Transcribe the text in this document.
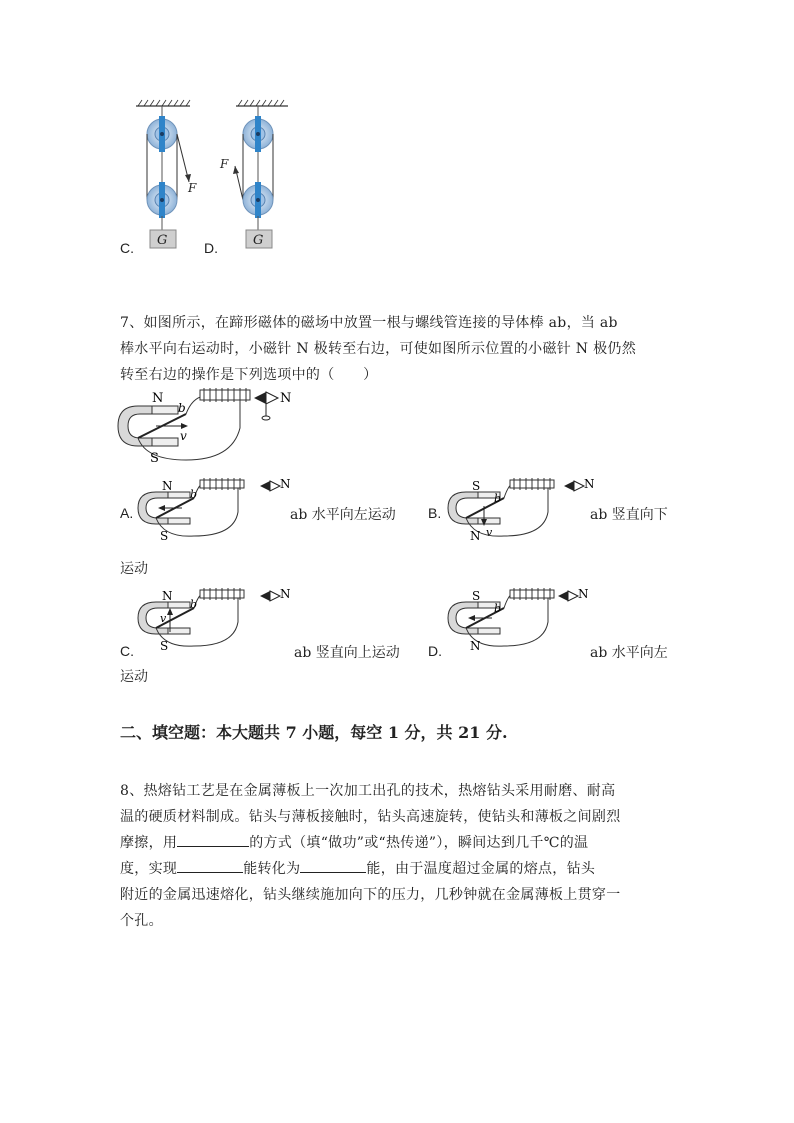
C.	D.
F
G
F
G
7、如图所示，在蹄形磁体的磁场中放置一根与螺线管连接的导体棒 ab，当 ab
棒水平向右运动时，小磁针 N 极转至右边，可使如图所示位置的小磁针 N 极仍然
转至右边的操作是下列选项中的（　　）
N
N
S
b
v
N
N
S
b
v
N
S
N
b
v
N
N
S
b
N
S
N
b
A.	ab 水平向左运动 B.	ab 竖直向下
运动
C.	ab 竖直向上运动 D.	ab 水平向左
运动
二、填空题：本大题共 7 小题，每空 1 分，共 21 分.
8、热熔钻工艺是在金属薄板上一次加工出孔的技术，热熔钻头采用耐磨、耐高
温的硬质材料制成。钻头与薄板接触时，钻头高速旋转，使钻头和薄板之间剧烈
摩擦，用	的方式（填“做功”或“热传递”），瞬间达到几千℃的温
度，实现	能转化为	能，由于温度超过金属的熔点，钻头
附近的金属迅速熔化，钻头继续施加向下的压力，几秒钟就在金属薄板上贯穿一
个孔。
